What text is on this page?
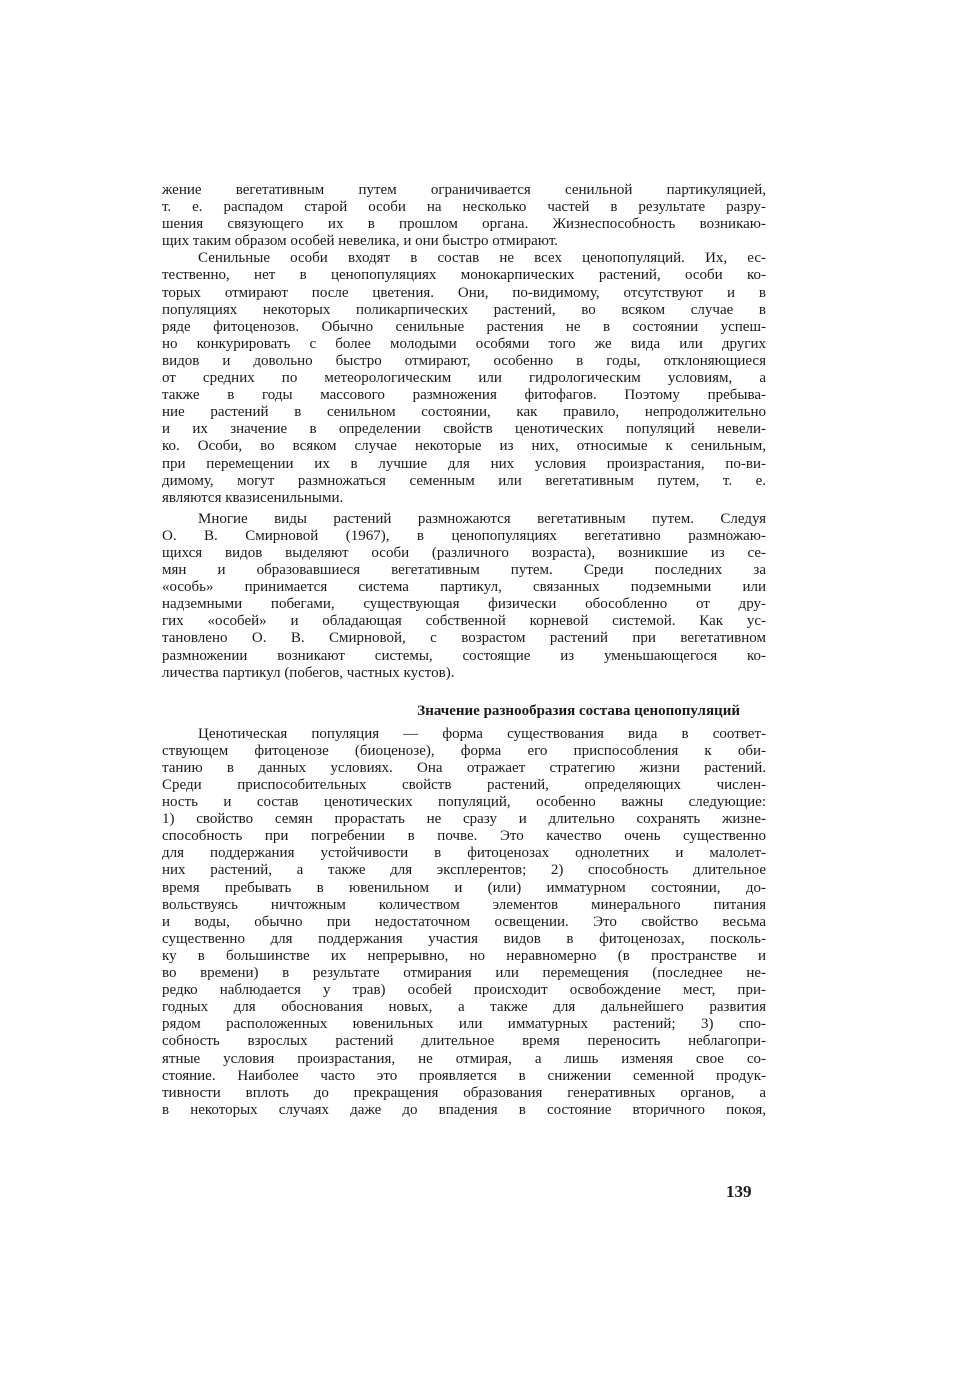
жение вегетативным путем ограничивается сенильной партикуляцией,
т. е. распадом старой особи на несколько частей в результате разру-
шения связующего их в прошлом органа. Жизнеспособность возникаю-
щих таким образом особей невелика, и они быстро отмирают.
Сенильные особи входят в состав не всех ценопопуляций. Их, ес-
тественно, нет в ценопопуляциях монокарпических растений, особи ко-
торых отмирают после цветения. Они, по-видимому, отсутствуют и в
популяциях некоторых поликарпических растений, во всяком случае в
ряде фитоценозов. Обычно сенильные растения не в состоянии успеш-
но конкурировать с более молодыми особями того же вида или других
видов и довольно быстро отмирают, особенно в годы, отклоняющиеся
от средних по метеорологическим или гидрологическим условиям, а
также в годы массового размножения фитофагов. Поэтому пребыва-
ние растений в сенильном состоянии, как правило, непродолжительно
и их значение в определении свойств ценотических популяций невели-
ко. Особи, во всяком случае некоторые из них, относимые к сенильным,
при перемещении их в лучшие для них условия произрастания, по-ви-
димому, могут размножаться семенным или вегетативным путем, т. е.
являются квазисенильными.
Многие виды растений размножаются вегетативным путем. Следуя
О. В. Смирновой (1967), в ценопопуляциях вегетативно размножаю-
щихся видов выделяют особи (различного возраста), возникшие из се-
мян и образовавшиеся вегетативным путем. Среди последних за
«особь» принимается система партикул, связанных подземными или
надземными побегами, существующая физически обособленно от дру-
гих «особей» и обладающая собственной корневой системой. Как ус-
тановлено О. В. Смирновой, с возрастом растений при вегетативном
размножении возникают системы, состоящие из уменьшающегося ко-
личества партикул (побегов, частных кустов).
Значение разнообразия состава ценопопуляций
Ценотическая популяция — форма существования вида в соответ-
ствующем фитоценозе (биоценозе), форма его приспособления к оби-
танию в данных условиях. Она отражает стратегию жизни растений.
Среди приспособительных свойств растений, определяющих числен-
ность и состав ценотических популяций, особенно важны следующие:
1) свойство семян прорастать не сразу и длительно сохранять жизне-
способность при погребении в почве. Это качество очень существенно
для поддержания устойчивости в фитоценозах однолетних и малолет-
них растений, а также для эксплерентов; 2) способность длительное
время пребывать в ювенильном и (или) имматурном состоянии, до-
вольствуясь ничтожным количеством элементов минерального питания
и воды, обычно при недостаточном освещении. Это свойство весьма
существенно для поддержания участия видов в фитоценозах, посколь-
ку в большинстве их непрерывно, но неравномерно (в пространстве и
во времени) в результате отмирания или перемещения (последнее не-
редко наблюдается у трав) особей происходит освобождение мест, при-
годных для обоснования новых, а также для дальнейшего развития
рядом расположенных ювенильных или имматурных растений; 3) спо-
собность взрослых растений длительное время переносить неблагопри-
ятные условия произрастания, не отмирая, а лишь изменяя свое со-
стояние. Наиболее часто это проявляется в снижении семенной продук-
тивности вплоть до прекращения образования генеративных органов, а
в некоторых случаях даже до впадения в состояние вторичного покоя,
139
